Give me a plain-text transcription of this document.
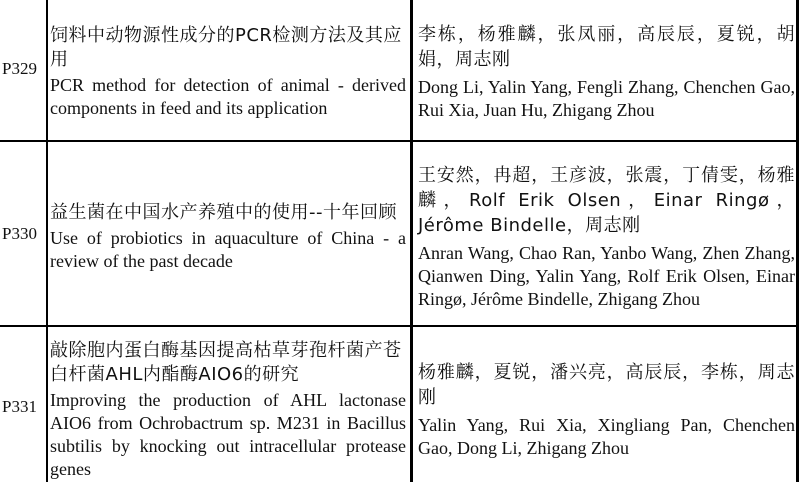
P329
饲料中动物源性成分的PCR检测方法及其应用
PCR method for detection of animal - derived components in feed and its application
李栋，杨雅麟，张凤丽，高辰辰，夏锐，胡娟，周志刚
Dong Li, Yalin Yang, Fengli Zhang, Chenchen Gao, Rui Xia, Juan Hu, Zhigang Zhou
P330
益生菌在中国水产养殖中的使用--十年回顾
Use of probiotics in aquaculture of China - a review of the past decade
王安然，冉超，王彦波，张震，丁倩雯，杨雅麟，Rolf Erik Olsen，Einar Ringø，Jérôme Bindelle，周志刚
Anran Wang, Chao Ran, Yanbo Wang, Zhen Zhang, Qianwen Ding, Yalin Yang, Rolf Erik Olsen, Einar Ringø, Jérôme Bindelle, Zhigang Zhou
P331
敲除胞内蛋白酶基因提高枯草芽孢杆菌产苍白杆菌AHL内酯酶AIO6的研究
Improving the production of AHL lactonase AIO6 from Ochrobactrum sp. M231 in Bacillus subtilis by knocking out intracellular protease genes
杨雅麟，夏锐，潘兴亮，高辰辰，李栋，周志刚
Yalin Yang, Rui Xia, Xingliang Pan, Chenchen Gao, Dong Li, Zhigang Zhou
